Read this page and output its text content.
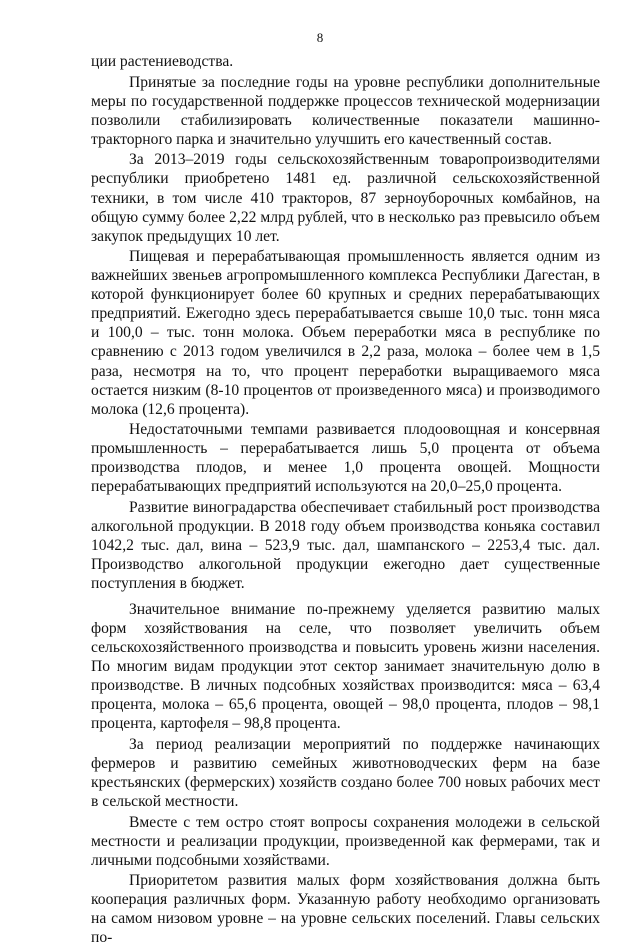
8

ции растениеводства.

Принятые за последние годы на уровне республики дополнительные меры по государственной поддержке процессов технической модернизации позволили стабилизировать количественные показатели машинно-тракторного парка и значительно улучшить его качественный состав.

За 2013–2019 годы сельскохозяйственным товаропроизводителями республики приобретено 1481 ед. различной сельскохозяйственной техники, в том числе 410 тракторов, 87 зерноуборочных комбайнов, на общую сумму более 2,22 млрд рублей, что в несколько раз превысило объем закупок предыдущих 10 лет.

Пищевая и перерабатывающая промышленность является одним из важнейших звеньев агропромышленного комплекса Республики Дагестан, в которой функционирует более 60 крупных и средних перерабатывающих предприятий. Ежегодно здесь перерабатывается свыше 10,0 тыс. тонн мяса и 100,0 – тыс. тонн молока. Объем переработки мяса в республике по сравнению с 2013 годом увеличился в 2,2 раза, молока – более чем в 1,5 раза, несмотря на то, что процент переработки выращиваемого мяса остается низким (8-10 процентов от произведенного мяса) и производимого молока (12,6 процента).

Недостаточными темпами развивается плодоовощная и консервная промышленность – перерабатывается лишь 5,0 процента от объема производства плодов, и менее 1,0 процента овощей. Мощности перерабатывающих предприятий используются на 20,0–25,0 процента.

Развитие виноградарства обеспечивает стабильный рост производства алкогольной продукции. В 2018 году объем производства коньяка составил 1042,2 тыс. дал, вина – 523,9 тыс. дал, шампанского – 2253,4 тыс. дал. Производство алкогольной продукции ежегодно дает существенные поступления в бюджет.

Значительное внимание по-прежнему уделяется развитию малых форм хозяйствования на селе, что позволяет увеличить объем сельскохозяйственного производства и повысить уровень жизни населения. По многим видам продукции этот сектор занимает значительную долю в производстве. В личных подсобных хозяйствах производится: мяса – 63,4 процента, молока – 65,6 процента, овощей – 98,0 процента, плодов – 98,1 процента, картофеля – 98,8 процента.

За период реализации мероприятий по поддержке начинающих фермеров и развитию семейных животноводческих ферм на базе крестьянских (фермерских) хозяйств создано более 700 новых рабочих мест в сельской местности.

Вместе с тем остро стоят вопросы сохранения молодежи в сельской местности и реализации продукции, произведенной как фермерами, так и личными подсобными хозяйствами.

Приоритетом развития малых форм хозяйствования должна быть кооперация различных форм. Указанную работу необходимо организовать на самом низовом уровне – на уровне сельских поселений. Главы сельских по-
